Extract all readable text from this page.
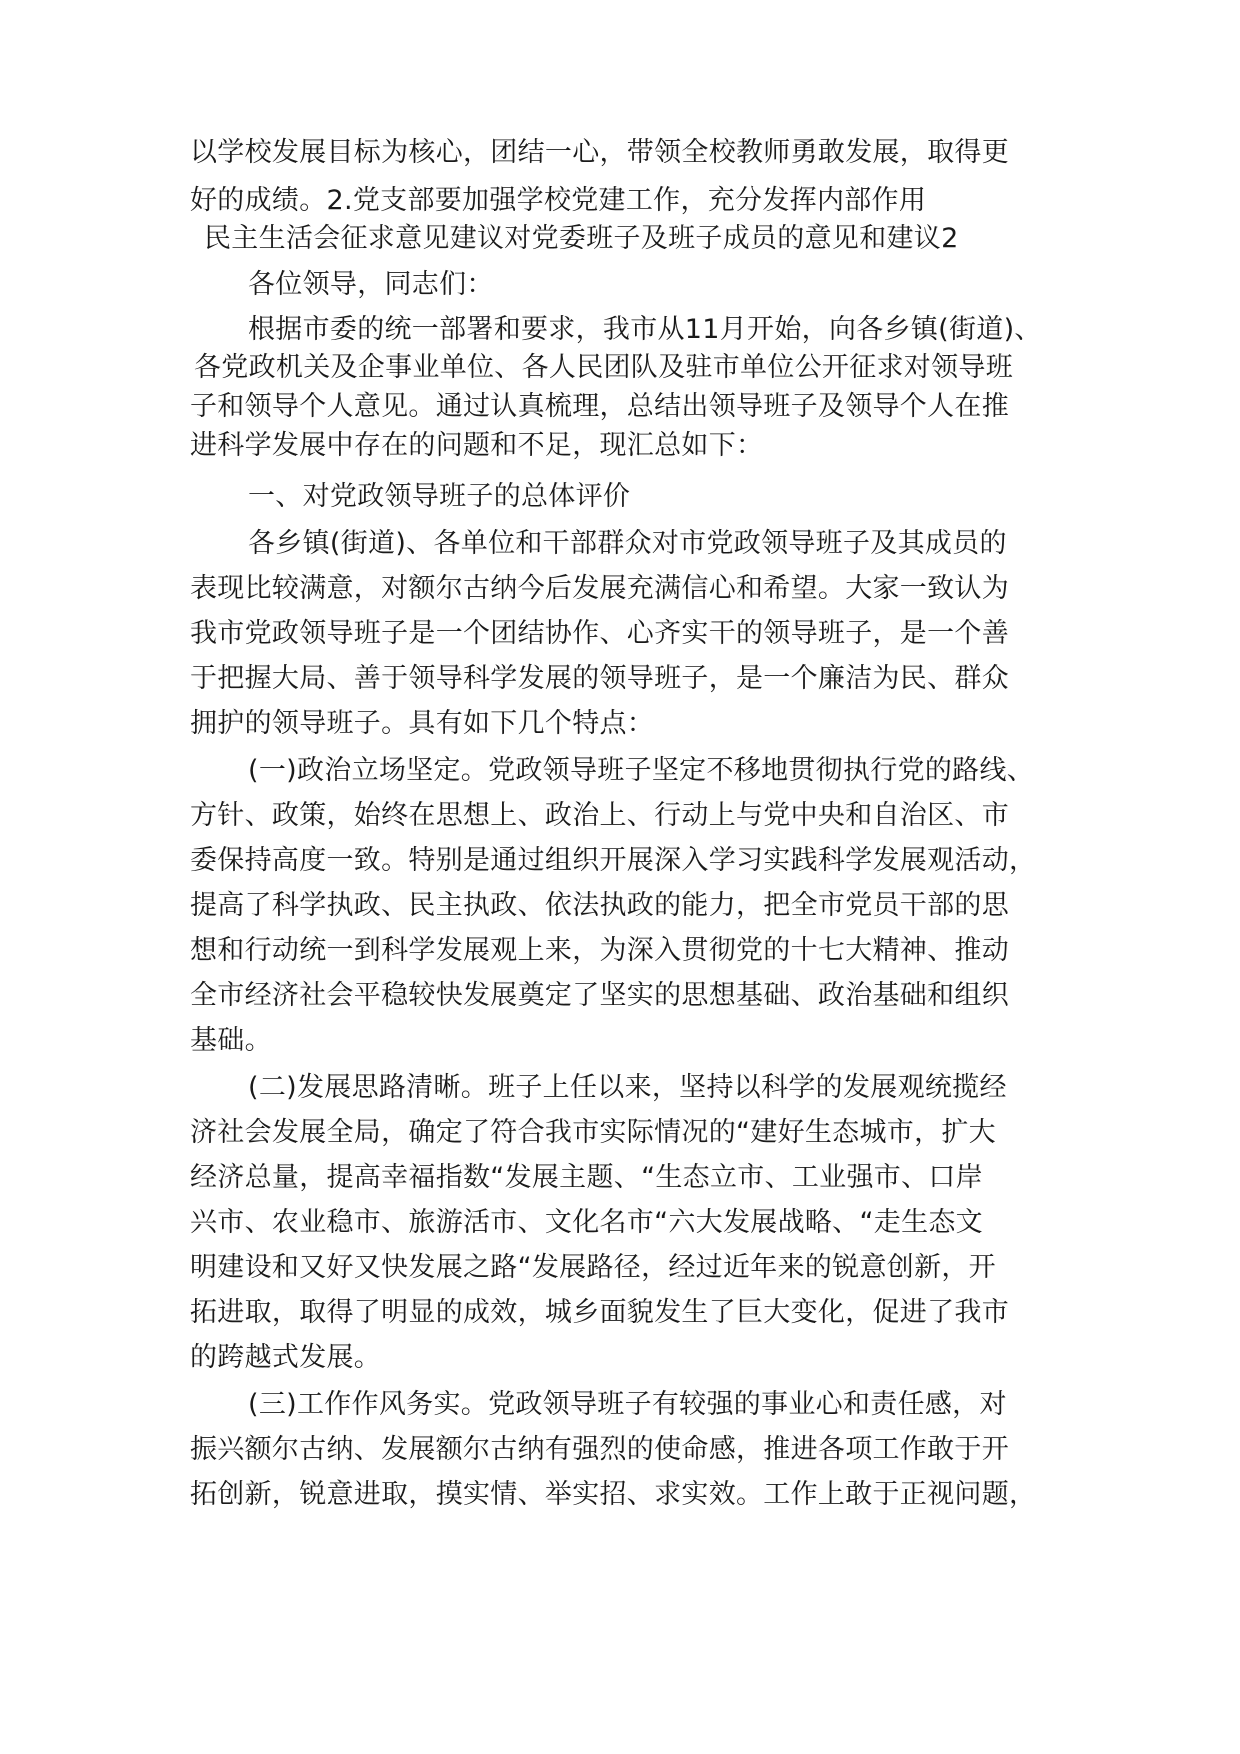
以学校发展目标为核心，团结一心，带领全校教师勇敢发展，取得更
好的成绩。2.党支部要加强学校党建工作，充分发挥内部作用
民主生活会征求意见建议对党委班子及班子成员的意见和建议2
各位领导，同志们：
根据市委的统一部署和要求，我市从11月开始，向各乡镇(街道)、
各党政机关及企事业单位、各人民团队及驻市单位公开征求对领导班
子和领导个人意见。通过认真梳理，总结出领导班子及领导个人在推
进科学发展中存在的问题和不足，现汇总如下：
一、对党政领导班子的总体评价
各乡镇(街道)、各单位和干部群众对市党政领导班子及其成员的
表现比较满意，对额尔古纳今后发展充满信心和希望。大家一致认为
我市党政领导班子是一个团结协作、心齐实干的领导班子，是一个善
于把握大局、善于领导科学发展的领导班子，是一个廉洁为民、群众
拥护的领导班子。具有如下几个特点：
(一)政治立场坚定。党政领导班子坚定不移地贯彻执行党的路线、
方针、政策，始终在思想上、政治上、行动上与党中央和自治区、市
委保持高度一致。特别是通过组织开展深入学习实践科学发展观活动，
提高了科学执政、民主执政、依法执政的能力，把全市党员干部的思
想和行动统一到科学发展观上来，为深入贯彻党的十七大精神、推动
全市经济社会平稳较快发展奠定了坚实的思想基础、政治基础和组织
基础。
(二)发展思路清晰。班子上任以来，坚持以科学的发展观统揽经
济社会发展全局，确定了符合我市实际情况的“建好生态城市，扩大
经济总量，提高幸福指数“发展主题、“生态立市、工业强市、口岸
兴市、农业稳市、旅游活市、文化名市“六大发展战略、“走生态文
明建设和又好又快发展之路“发展路径，经过近年来的锐意创新，开
拓进取，取得了明显的成效，城乡面貌发生了巨大变化，促进了我市
的跨越式发展。
(三)工作作风务实。党政领导班子有较强的事业心和责任感，对
振兴额尔古纳、发展额尔古纳有强烈的使命感，推进各项工作敢于开
拓创新，锐意进取，摸实情、举实招、求实效。工作上敢于正视问题，
